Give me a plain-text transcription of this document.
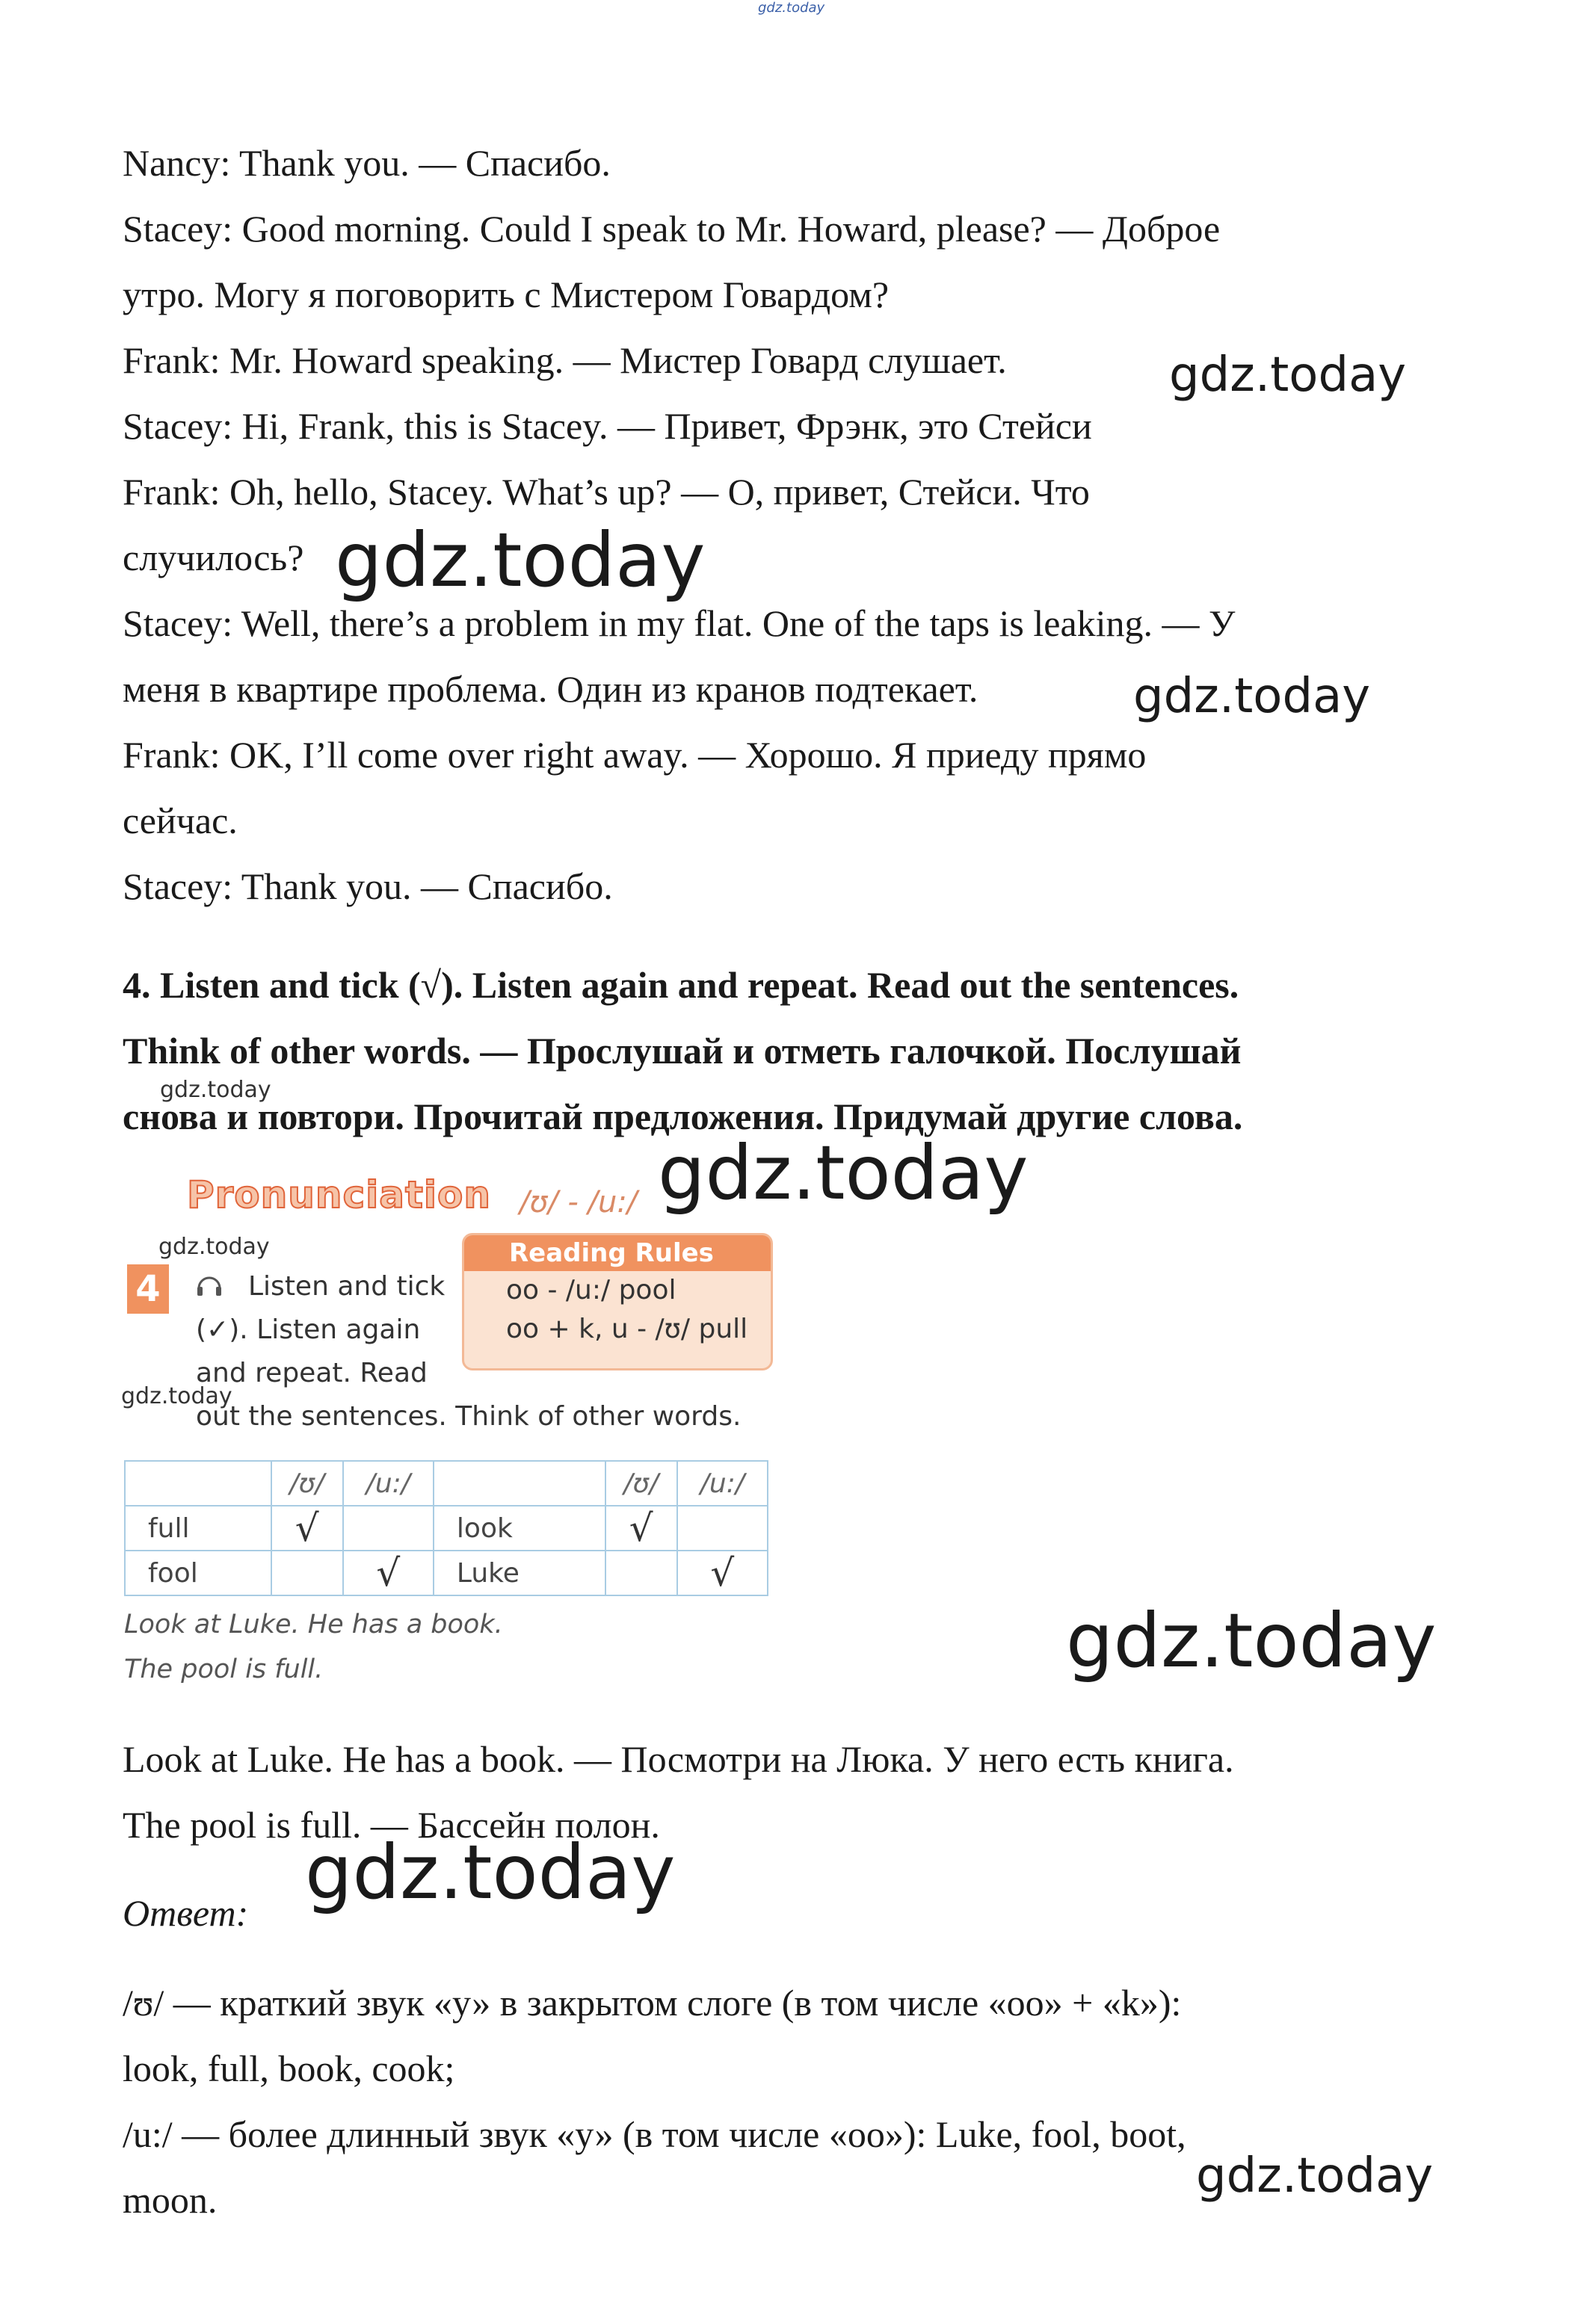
gdz.today
Nancy: Thank you. — Спасибо.
Stacey: Good morning. Could I speak to Mr. Howard, please? — Доброе
утро. Могу я поговорить с Мистером Говардом?
Frank: Mr. Howard speaking. — Мистер Говард слушает.
Stacey: Hi, Frank, this is Stacey. — Привет, Фрэнк, это Стейси
Frank: Oh, hello, Stacey. What’s up? — О, привет, Стейси. Что
случилось?
Stacey: Well, there’s a problem in my flat. One of the taps is leaking. — У
меня в квартире проблема. Один из кранов подтекает.
Frank: OK, I’ll come over right away. — Хорошо. Я приеду прямо
сейчас.
Stacey: Thank you. — Спасибо.
4. Listen and tick (√). Listen again and repeat. Read out the sentences.
Think of other words. — Прослушай и отметь галочкой. Послушай
снова и повтори. Прочитай предложения. Придумай другие слова.
Pronunciation /ʊ/ - /u:/
Reading Rules
oo - /u:/ pool
oo + k, u - /ʊ/ pull
4	Listen and tick
(✓). Listen again
and repeat. Read
out the sentences. Think of other words.
	/ʊ/	/u:/		/ʊ/	/u:/
full	√		look	√	
fool		√	Luke		√
Look at Luke. He has a book.
The pool is full.
Look at Luke. He has a book. — Посмотри на Люка. У него есть книга.
The pool is full. — Бассейн полон.
Ответ:
/ʊ/ — краткий звук «у» в закрытом слоге (в том числе «oo» + «k»):
look, full, book, cook;
/u:/ — более длинный звук «у» (в том числе «oo»): Luke, fool, boot,
moon.
gdz.today
gdz.today
gdz.today
gdz.today
gdz.today
gdz.today
gdz.today
gdz.today
gdz.today
gdz.today
